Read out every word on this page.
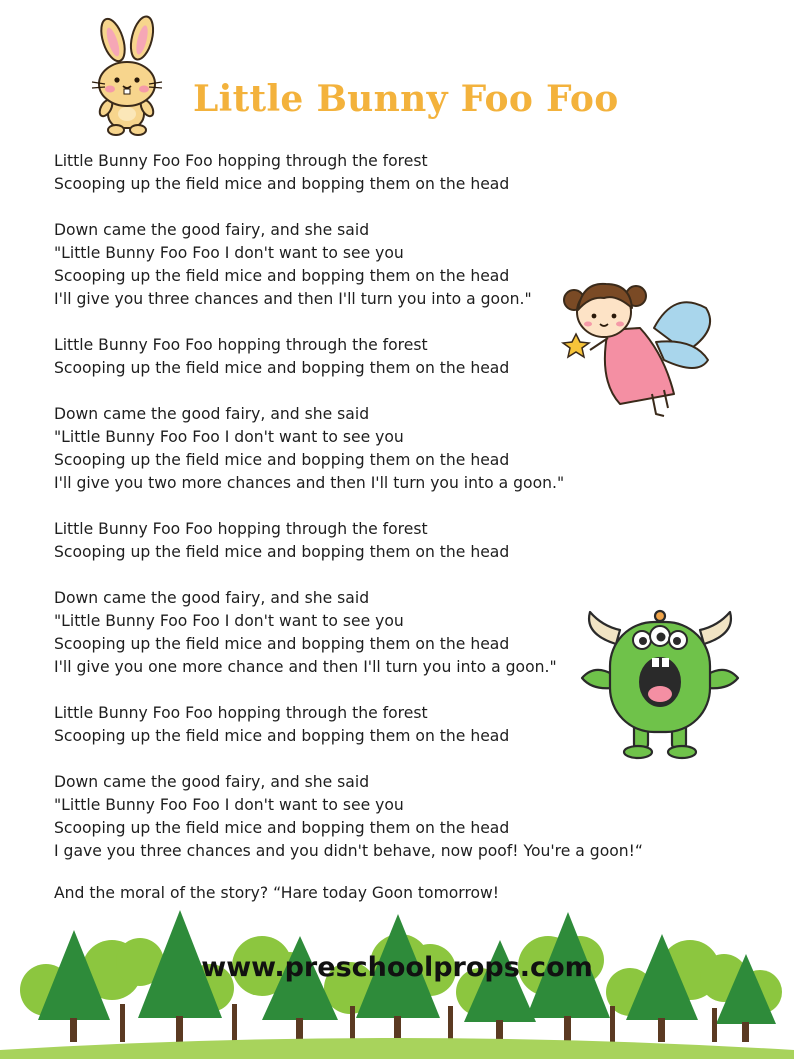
Little Bunny Foo Foo
Little Bunny Foo Foo hopping through the forest
Scooping up the field mice and bopping them on the head
Down came the good fairy, and she said
"Little Bunny Foo Foo I don't want to see you
Scooping up the field mice and bopping them on the head
I'll give you three chances and then I'll turn you into a goon."
Little Bunny Foo Foo hopping through the forest
Scooping up the field mice and bopping them on the head
Down came the good fairy, and she said
"Little Bunny Foo Foo I don't want to see you
Scooping up the field mice and bopping them on the head
I'll give you two more chances and then I'll turn you into a goon."
Little Bunny Foo Foo hopping through the forest
Scooping up the field mice and bopping them on the head
Down came the good fairy, and she said
"Little Bunny Foo Foo I don't want to see you
Scooping up the field mice and bopping them on the head
I'll give you one more chance and then I'll turn you into a goon."
Little Bunny Foo Foo hopping through the forest
Scooping up the field mice and bopping them on the head
Down came the good fairy, and she said
"Little Bunny Foo Foo I don't want to see you
Scooping up the field mice and bopping them on the head
I gave you three chances and you didn't behave, now poof! You're a goon!“
And the moral of the story? “Hare today Goon tomorrow!
www.preschoolprops.com
